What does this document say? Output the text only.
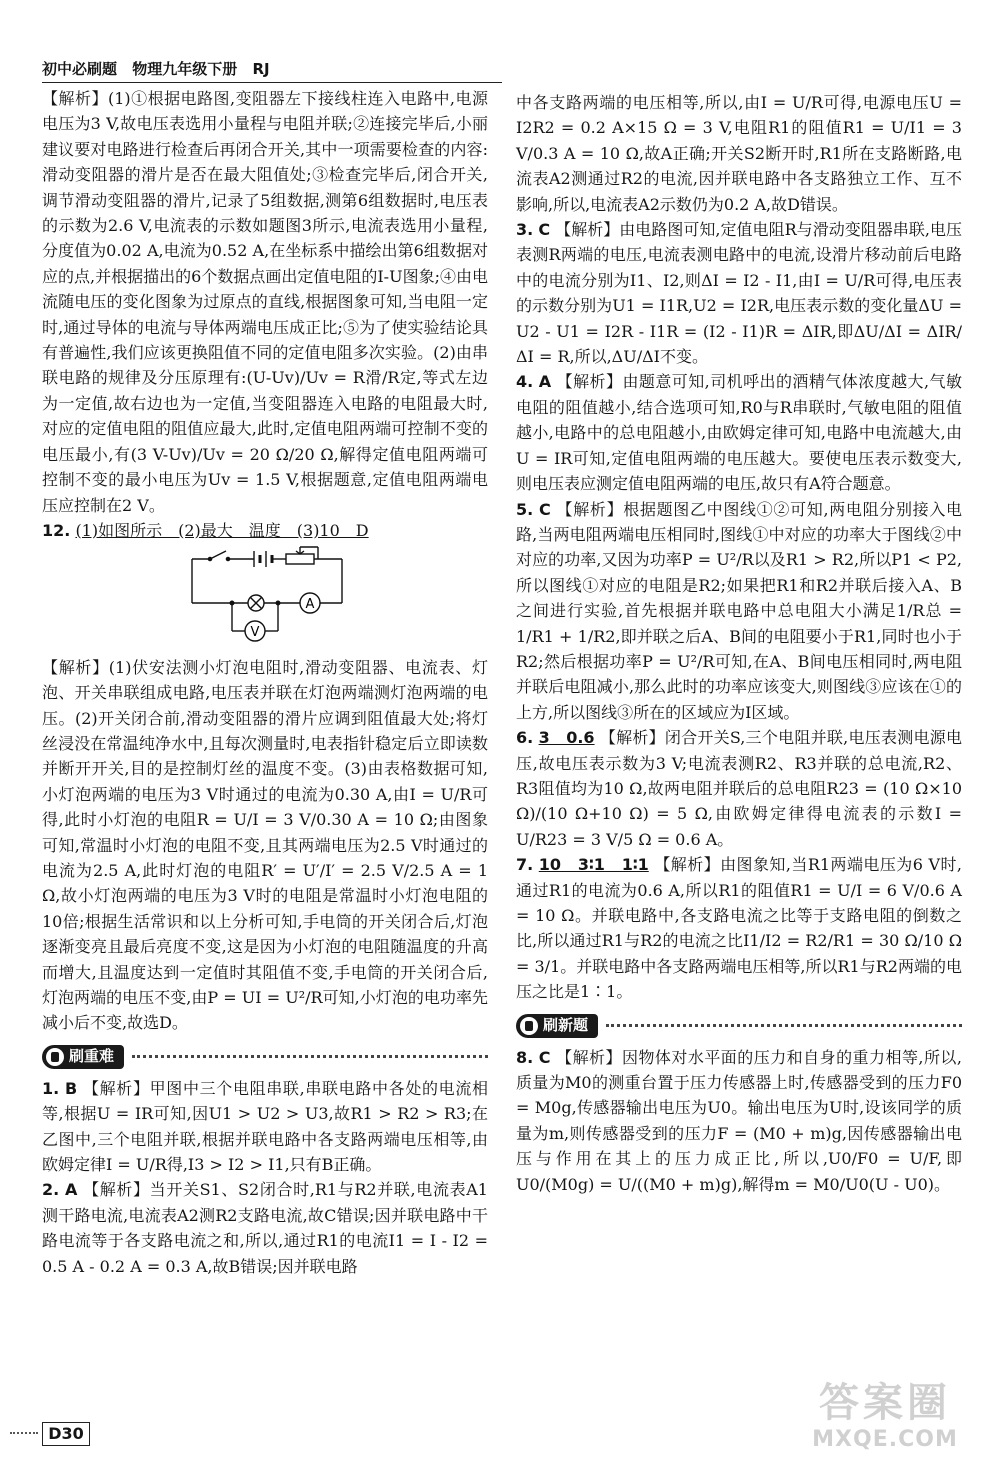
初中必刷题 物理九年级下册 RJ

【解析】(1)①根据电路图,变阻器左下接线柱连入电路中,电源电压为3 V,故电压表选用小量程与电阻并联;②连接完毕后,小丽建议要对电路进行检查后再闭合开关,其中一项需要检查的内容:滑动变阻器的滑片是否在最大阻值处;③检查完毕后,闭合开关,调节滑动变阻器的滑片,记录了5组数据,测第6组数据时,电压表的示数为2.6 V,电流表的示数如题图3所示,电流表选用小量程,分度值为0.02 A,电流为0.52 A,在坐标系中描绘出第6组数据对应的点,并根据描出的6个数据点画出定值电阻的I-U图象;④由电流随电压的变化图象为过原点的直线,根据图象可知,当电阻一定时,通过导体的电流与导体两端电压成正比;⑤为了使实验结论具有普遍性,我们应该更换阻值不同的定值电阻多次实验。(2)由串联电路的规律及分压原理有:(U-Uv)/Uv = R滑/R定,等式左边为一定值,故右边也为一定值,当变阻器连入电路的电阻最大时,对应的定值电阻的阻值应最大,此时,定值电阻两端可控制不变的电压最小,有(3 V-Uv)/Uv = 20 Ω/20 Ω,解得定值电阻两端可控制不变的最小电压为Uv = 1.5 V,根据题意,定值电阻两端电压应控制在2 V。

12. (1)如图所示　(2)最大　温度　(3)10　D
A
V

【解析】(1)伏安法测小灯泡电阻时,滑动变阻器、电流表、灯泡、开关串联组成电路,电压表并联在灯泡两端测灯泡两端的电压。(2)开关闭合前,滑动变阻器的滑片应调到阻值最大处;将灯丝浸没在常温纯净水中,且每次测量时,电表指针稳定后立即读数并断开开关,目的是控制灯丝的温度不变。(3)由表格数据可知,小灯泡两端的电压为3 V时通过的电流为0.30 A,由I = U/R可得,此时小灯泡的电阻R = U/I = 3 V/0.30 A = 10 Ω;由图象可知,常温时小灯泡的电阻不变,且其两端电压为2.5 V时通过的电流为2.5 A,此时灯泡的电阻R′ = U′/I′ = 2.5 V/2.5 A = 1 Ω,故小灯泡两端的电压为3 V时的电阻是常温时小灯泡电阻的10倍;根据生活常识和以上分析可知,手电筒的开关闭合后,灯泡逐渐变亮且最后亮度不变,这是因为小灯泡的电阻随温度的升高而增大,且温度达到一定值时其阻值不变,手电筒的开关闭合后,灯泡两端的电压不变,由P = UI = U²/R可知,小灯泡的电功率先减小后不变,故选D。

刷重难

1. B 【解析】甲图中三个电阻串联,串联电路中各处的电流相等,根据U = IR可知,因U1 > U2 > U3,故R1 > R2 > R3;在乙图中,三个电阻并联,根据并联电路中各支路两端电压相等,由欧姆定律I = U/R得,I3 > I2 > I1,只有B正确。

2. A 【解析】当开关S1、S2闭合时,R1与R2并联,电流表A1测干路电流,电流表A2测R2支路电流,故C错误;因并联电路中干路电流等于各支路电流之和,所以,通过R1的电流I1 = I - I2 = 0.5 A - 0.2 A = 0.3 A,故B错误;因并联电路

中各支路两端的电压相等,所以,由I = U/R可得,电源电压U = I2R2 = 0.2 A×15 Ω = 3 V,电阻R1的阻值R1 = U/I1 = 3 V/0.3 A = 10 Ω,故A正确;开关S2断开时,R1所在支路断路,电流表A2测通过R2的电流,因并联电路中各支路独立工作、互不影响,所以,电流表A2示数仍为0.2 A,故D错误。

3. C 【解析】由电路图可知,定值电阻R与滑动变阻器串联,电压表测R两端的电压,电流表测电路中的电流,设滑片移动前后电路中的电流分别为I1、I2,则ΔI = I2 - I1,由I = U/R可得,电压表的示数分别为U1 = I1R,U2 = I2R,电压表示数的变化量ΔU = U2 - U1 = I2R - I1R = (I2 - I1)R = ΔIR,即ΔU/ΔI = ΔIR/ΔI = R,所以,ΔU/ΔI不变。

4. A 【解析】由题意可知,司机呼出的酒精气体浓度越大,气敏电阻的阻值越小,结合选项可知,R0与R串联时,气敏电阻的阻值越小,电路中的总电阻越小,由欧姆定律可知,电路中电流越大,由U = IR可知,定值电阻两端的电压越大。要使电压表示数变大,则电压表应测定值电阻两端的电压,故只有A符合题意。

5. C 【解析】根据题图乙中图线①②可知,两电阻分别接入电路,当两电阻两端电压相同时,图线①中对应的功率大于图线②中对应的功率,又因为功率P = U²/R以及R1 > R2,所以P1 < P2,所以图线①对应的电阻是R2;如果把R1和R2并联后接入A、B之间进行实验,首先根据并联电路中总电阻大小满足1/R总 = 1/R1 + 1/R2,即并联之后A、B间的电阻要小于R1,同时也小于R2;然后根据功率P = U²/R可知,在A、B间电压相同时,两电阻并联后电阻减小,那么此时的功率应该变大,则图线③应该在①的上方,所以图线③所在的区域应为Ⅰ区域。

6. 3　0.6 【解析】闭合开关S,三个电阻并联,电压表测电源电压,故电压表示数为3 V;电流表测R2、R3并联的总电流,R2、R3阻值均为10 Ω,故两电阻并联后的总电阻R23 = (10 Ω×10 Ω)/(10 Ω+10 Ω) = 5 Ω,由欧姆定律得电流表的示数I = U/R23 = 3 V/5 Ω = 0.6 A。

7. 10　3∶1　1∶1 【解析】由图象知,当R1两端电压为6 V时,通过R1的电流为0.6 A,所以R1的阻值R1 = U/I = 6 V/0.6 A = 10 Ω。并联电路中,各支路电流之比等于支路电阻的倒数之比,所以通过R1与R2的电流之比I1/I2 = R2/R1 = 30 Ω/10 Ω = 3/1。并联电路中各支路两端电压相等,所以R1与R2两端的电压之比是1∶1。

刷新题

8. C 【解析】因物体对水平面的压力和自身的重力相等,所以,质量为M0的测重台置于压力传感器上时,传感器受到的压力F0 = M0g,传感器输出电压为U0。输出电压为U时,设该同学的质量为m,则传感器受到的压力F = (M0 + m)g,因传感器输出电压与作用在其上的压力成正比,所以,U0/F0 = U/F,即U0/(M0g) = U/((M0 + m)g),解得m = M0/U0(U - U0)。

D30
答案圈
MXQE.COM
